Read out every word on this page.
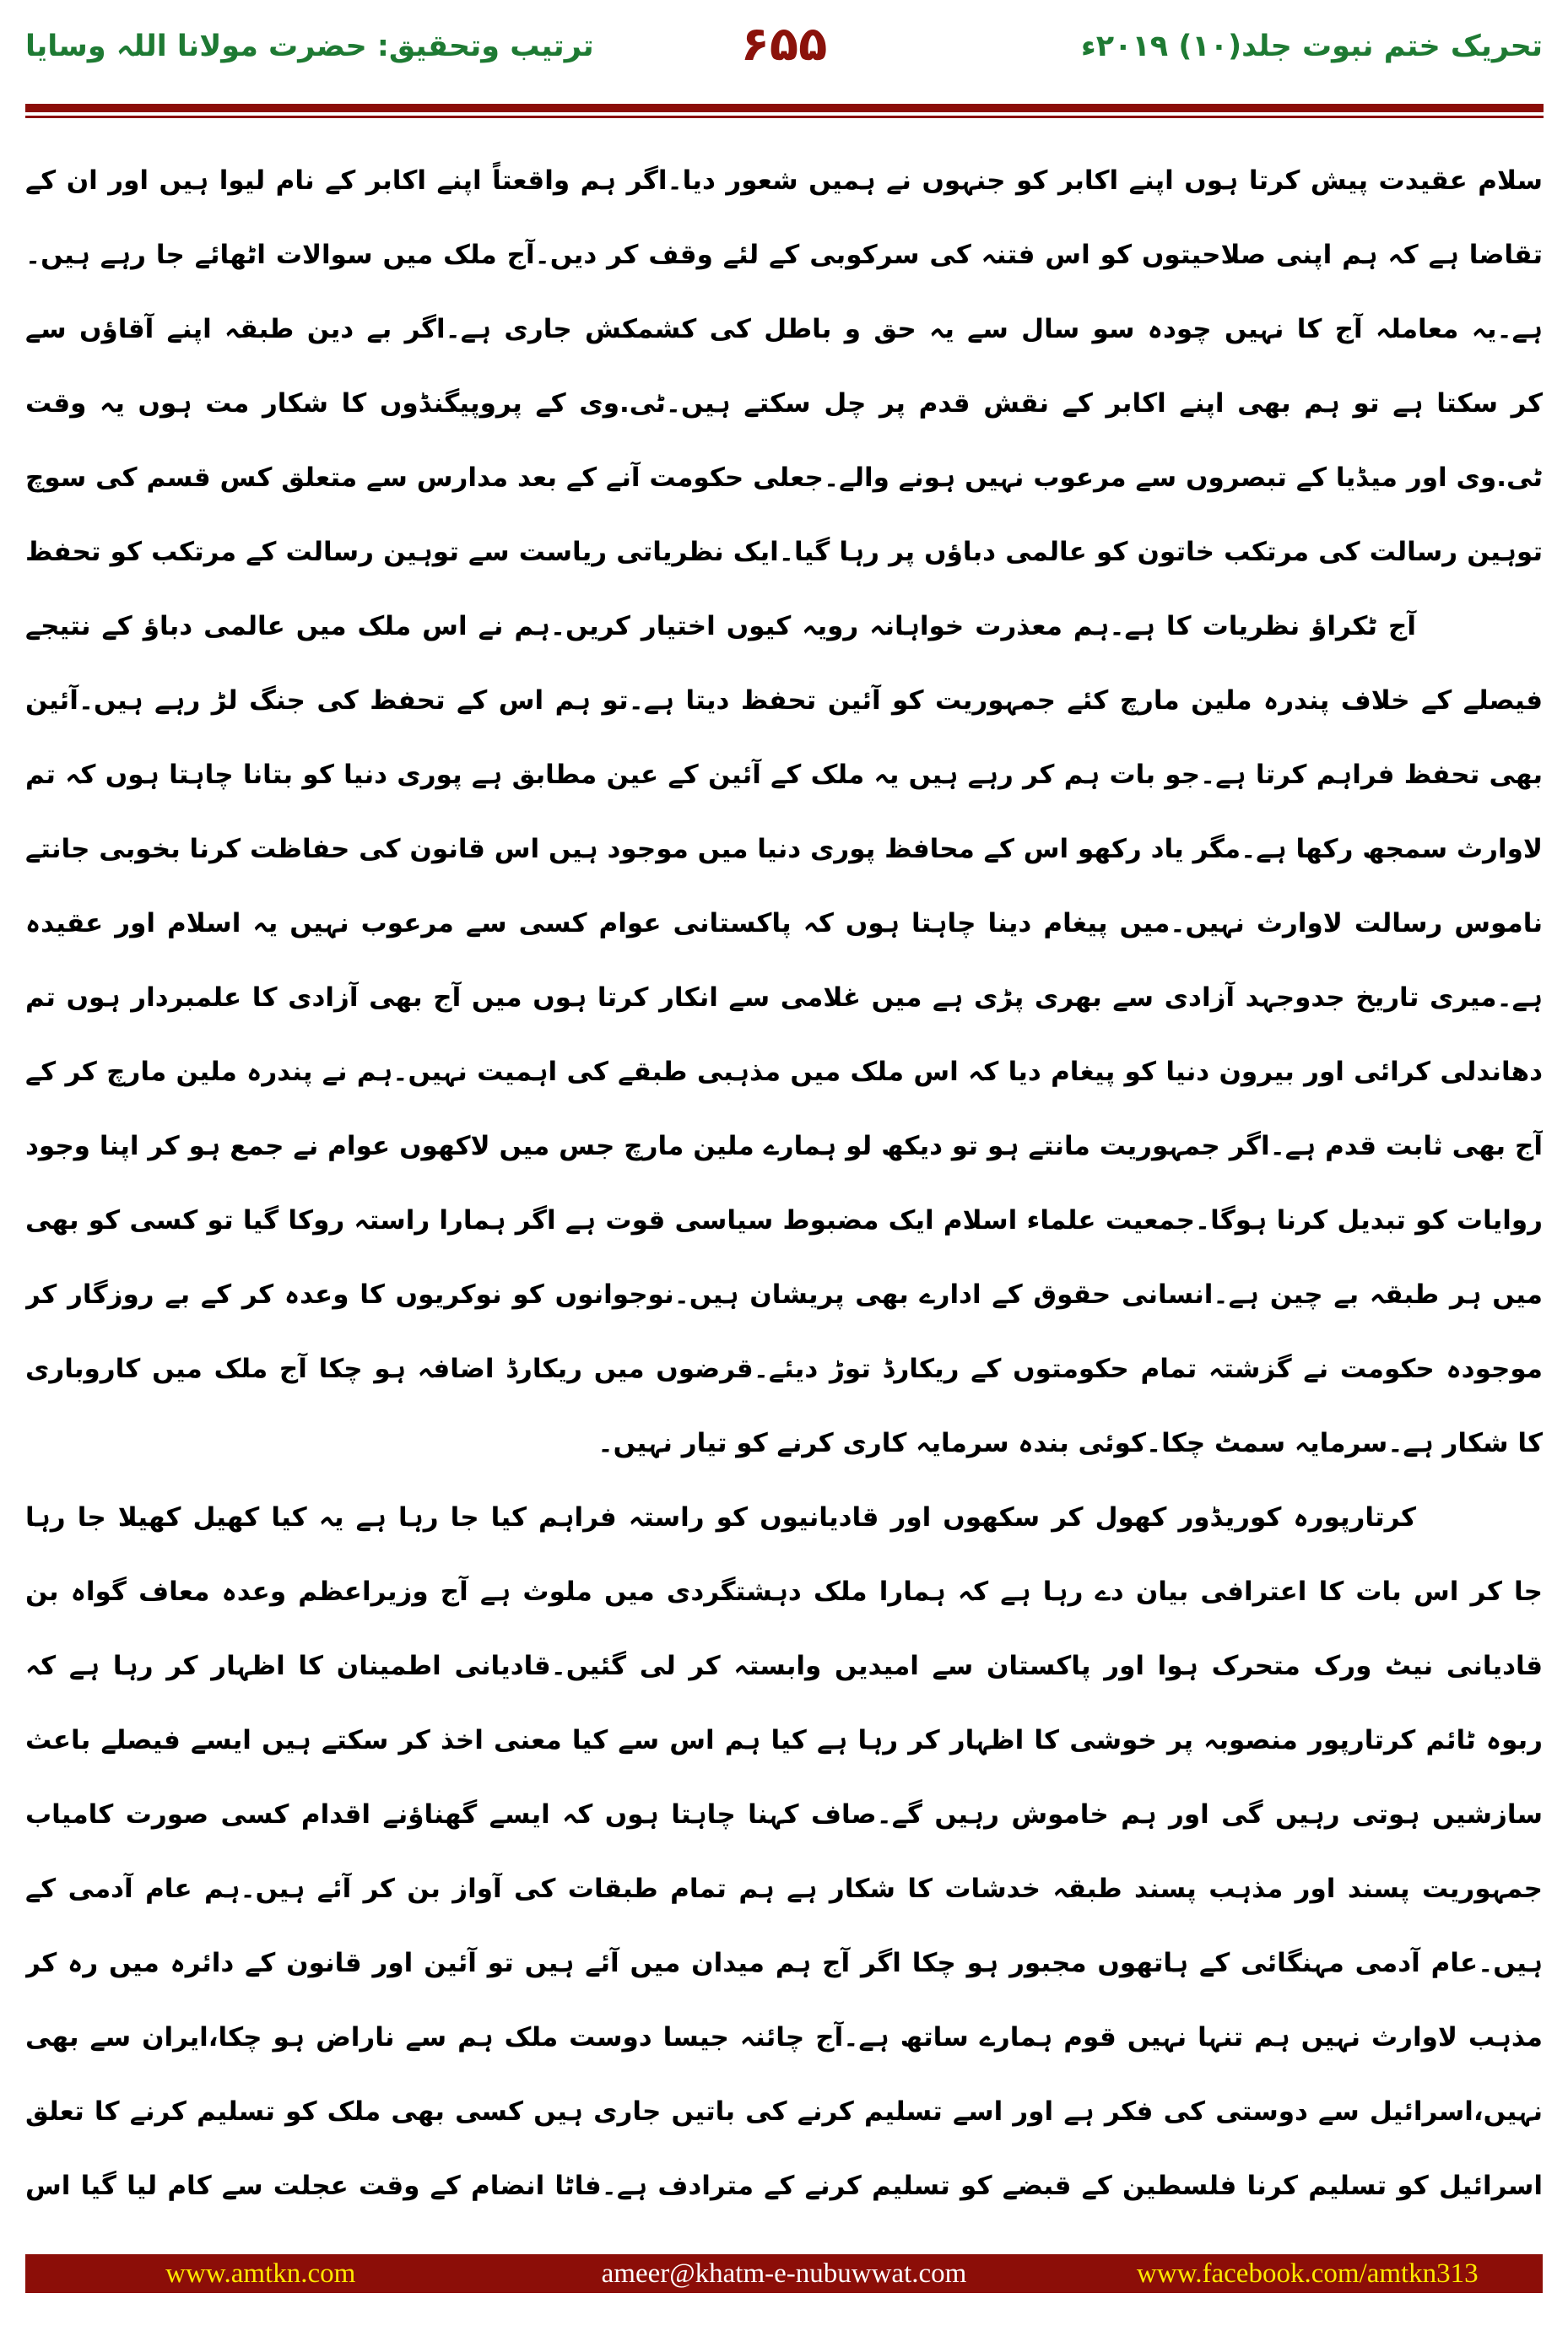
ترتیب وتحقیق: حضرت مولانا اللہ وسایا	۶۵۵	تحریک ختم نبوت جلد(۱۰) ۲۰۱۹ء
سلام عقیدت پیش کرتا ہوں اپنے اکابر کو جنہوں نے ہمیں شعور دیا۔اگر ہم واقعتاً اپنے اکابر کے نام لیوا ہیں اور ان کے
تقاضا ہے کہ ہم اپنی صلاحیتوں کو اس فتنہ کی سرکوبی کے لئے وقف کر دیں۔آج ملک میں سوالات اٹھائے جا رہے ہیں۔
ہے۔یہ معاملہ آج کا نہیں چودہ سو سال سے یہ حق و باطل کی کشمکش جاری ہے۔اگر بے دین طبقہ اپنے آقاؤں سے
کر سکتا ہے تو ہم بھی اپنے اکابر کے نقش قدم پر چل سکتے ہیں۔ٹی.وی کے پروپیگنڈوں کا شکار مت ہوں یہ وقت
ٹی.وی اور میڈیا کے تبصروں سے مرعوب نہیں ہونے والے۔جعلی حکومت آنے کے بعد مدارس سے متعلق کس قسم کی سوچ
توہین رسالت کی مرتکب خاتون کو عالمی دباؤں پر رہا گیا۔ایک نظریاتی ریاست سے توہین رسالت کے مرتکب کو تحفظ
آج ٹکراؤ نظریات کا ہے۔ہم معذرت خواہانہ رویہ کیوں اختیار کریں۔ہم نے اس ملک میں عالمی دباؤ کے نتیجے
فیصلے کے خلاف پندرہ ملین مارچ کئے جمہوریت کو آئین تحفظ دیتا ہے۔تو ہم اس کے تحفظ کی جنگ لڑ رہے ہیں۔آئین
بھی تحفظ فراہم کرتا ہے۔جو بات ہم کر رہے ہیں یہ ملک کے آئین کے عین مطابق ہے پوری دنیا کو بتانا چاہتا ہوں کہ تم
لاوارث سمجھ رکھا ہے۔مگر یاد رکھو اس کے محافظ پوری دنیا میں موجود ہیں اس قانون کی حفاظت کرنا بخوبی جانتے
ناموس رسالت لاوارث نہیں۔میں پیغام دینا چاہتا ہوں کہ پاکستانی عوام کسی سے مرعوب نہیں یہ اسلام اور عقیدہ
ہے۔میری تاریخ جدوجہد آزادی سے بھری پڑی ہے میں غلامی سے انکار کرتا ہوں میں آج بھی آزادی کا علمبردار ہوں تم
دھاندلی کرائی اور بیرون دنیا کو پیغام دیا کہ اس ملک میں مذہبی طبقے کی اہمیت نہیں۔ہم نے پندرہ ملین مارچ کر کے
آج بھی ثابت قدم ہے۔اگر جمہوریت مانتے ہو تو دیکھ لو ہمارے ملین مارچ جس میں لاکھوں عوام نے جمع ہو کر اپنا وجود
روایات کو تبدیل کرنا ہوگا۔جمعیت علماء اسلام ایک مضبوط سیاسی قوت ہے اگر ہمارا راستہ روکا گیا تو کسی کو بھی
میں ہر طبقہ بے چین ہے۔انسانی حقوق کے ادارے بھی پریشان ہیں۔نوجوانوں کو نوکریوں کا وعدہ کر کے بے روزگار کر
موجودہ حکومت نے گزشتہ تمام حکومتوں کے ریکارڈ توڑ دیئے۔قرضوں میں ریکارڈ اضافہ ہو چکا آج ملک میں کاروباری
کا شکار ہے۔سرمایہ سمٹ چکا۔کوئی بندہ سرمایہ کاری کرنے کو تیار نہیں۔
کرتارپورہ کوریڈور کھول کر سکھوں اور قادیانیوں کو راستہ فراہم کیا جا رہا ہے یہ کیا کھیل کھیلا جا رہا
جا کر اس بات کا اعترافی بیان دے رہا ہے کہ ہمارا ملک دہشتگردی میں ملوث ہے آج وزیراعظم وعدہ معاف گواہ بن
قادیانی نیٹ ورک متحرک ہوا اور پاکستان سے امیدیں وابستہ کر لی گئیں۔قادیانی اطمینان کا اظہار کر رہا ہے کہ
ربوہ ٹائم کرتارپور منصوبہ پر خوشی کا اظہار کر رہا ہے کیا ہم اس سے کیا معنی اخذ کر سکتے ہیں ایسے فیصلے باعث
سازشیں ہوتی رہیں گی اور ہم خاموش رہیں گے۔صاف کہنا چاہتا ہوں کہ ایسے گھناؤنے اقدام کسی صورت کامیاب
جمہوریت پسند اور مذہب پسند طبقہ خدشات کا شکار ہے ہم تمام طبقات کی آواز بن کر آئے ہیں۔ہم عام آدمی کے
ہیں۔عام آدمی مہنگائی کے ہاتھوں مجبور ہو چکا اگر آج ہم میدان میں آئے ہیں تو آئین اور قانون کے دائرہ میں رہ کر
مذہب لاوارث نہیں ہم تنہا نہیں قوم ہمارے ساتھ ہے۔آج چائنہ جیسا دوست ملک ہم سے ناراض ہو چکا،ایران سے بھی
نہیں،اسرائیل سے دوستی کی فکر ہے اور اسے تسلیم کرنے کی باتیں جاری ہیں کسی بھی ملک کو تسلیم کرنے کا تعلق
اسرائیل کو تسلیم کرنا فلسطین کے قبضے کو تسلیم کرنے کے مترادف ہے۔فاٹا انضام کے وقت عجلت سے کام لیا گیا اس
www.amtkn.com	ameer@khatm-e-nubuwwat.com	www.facebook.com/amtkn313
